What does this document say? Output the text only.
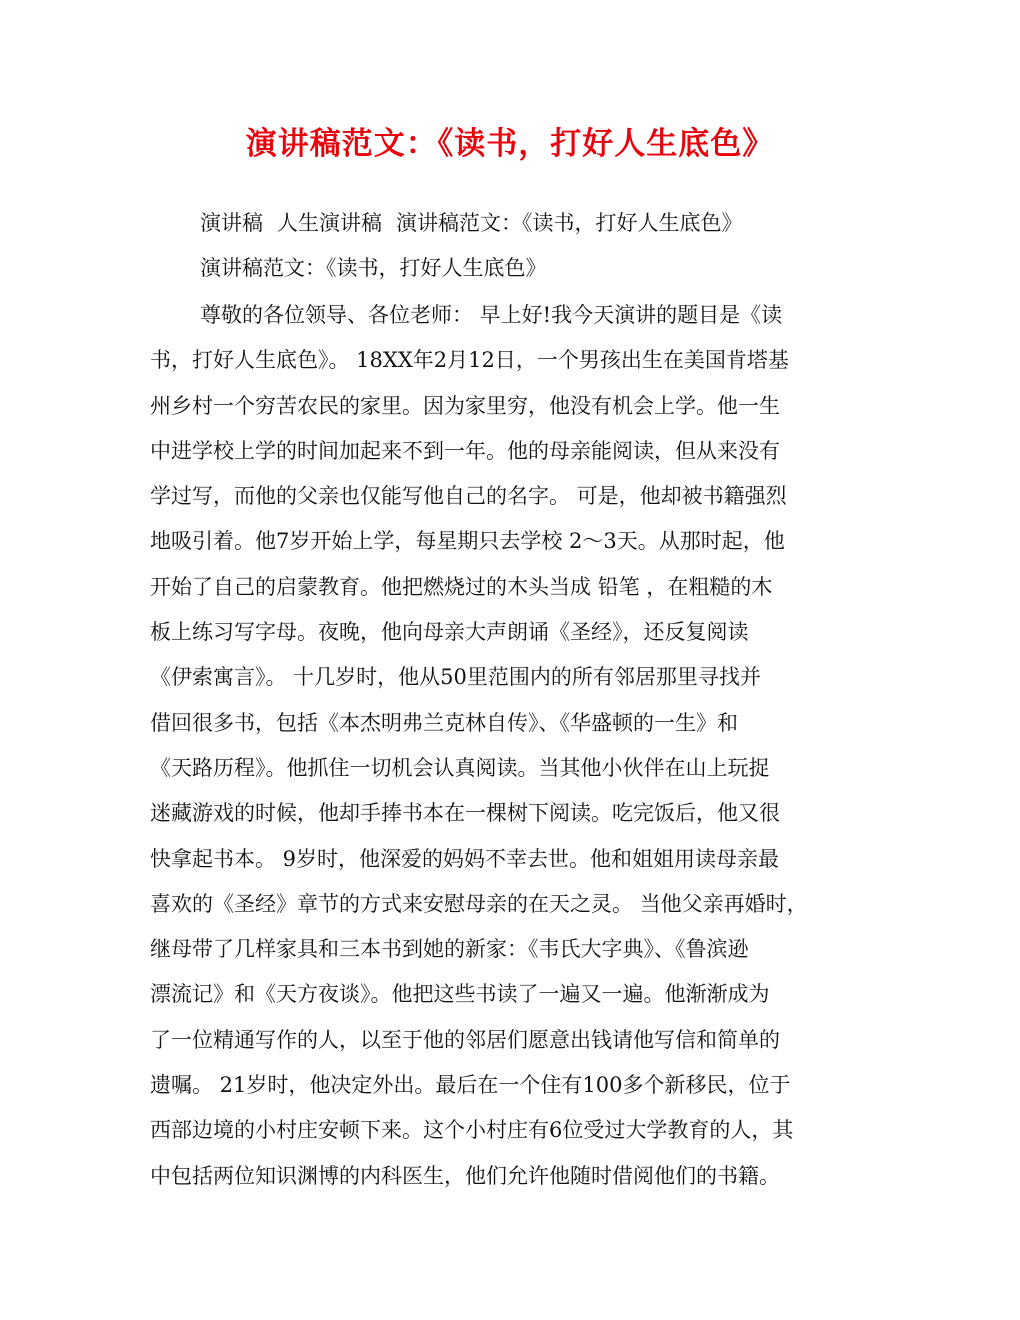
演讲稿范文：《读书，打好人生底色》
演讲稿 人生演讲稿 演讲稿范文：《读书，打好人生底色》

演讲稿范文：《读书，打好人生底色》

尊敬的各位领导、各位老师： 早上好!我今天演讲的题目是《读
书，打好人生底色》。 18XX年2月12日，一个男孩出生在美国肯塔基
州乡村一个穷苦农民的家里。因为家里穷，他没有机会上学。他一生
中进学校上学的时间加起来不到一年。他的母亲能阅读，但从来没有
学过写，而他的父亲也仅能写他自己的名字。 可是，他却被书籍强烈
地吸引着。他7岁开始上学，每星期只去学校 2～3天。从那时起，他
开始了自己的启蒙教育。他把燃烧过的木头当成 铅笔 ，在粗糙的木
板上练习写字母。夜晚，他向母亲大声朗诵《圣经》，还反复阅读
《伊索寓言》。 十几岁时，他从50里范围内的所有邻居那里寻找并
借回很多书，包括《本杰明弗兰克林自传》、《华盛顿的一生》和
《天路历程》。他抓住一切机会认真阅读。当其他小伙伴在山上玩捉
迷藏游戏的时候，他却手捧书本在一棵树下阅读。吃完饭后，他又很
快拿起书本。 9岁时，他深爱的妈妈不幸去世。他和姐姐用读母亲最
喜欢的《圣经》章节的方式来安慰母亲的在天之灵。 当他父亲再婚时，
继母带了几样家具和三本书到她的新家：《韦氏大字典》、《鲁滨逊
漂流记》和《天方夜谈》。他把这些书读了一遍又一遍。他渐渐成为
了一位精通写作的人，以至于他的邻居们愿意出钱请他写信和简单的
遗嘱。 21岁时，他决定外出。最后在一个住有100多个新移民，位于
西部边境的小村庄安顿下来。这个小村庄有6位受过大学教育的人，其
中包括两位知识渊博的内科医生，他们允许他随时借阅他们的书籍。
